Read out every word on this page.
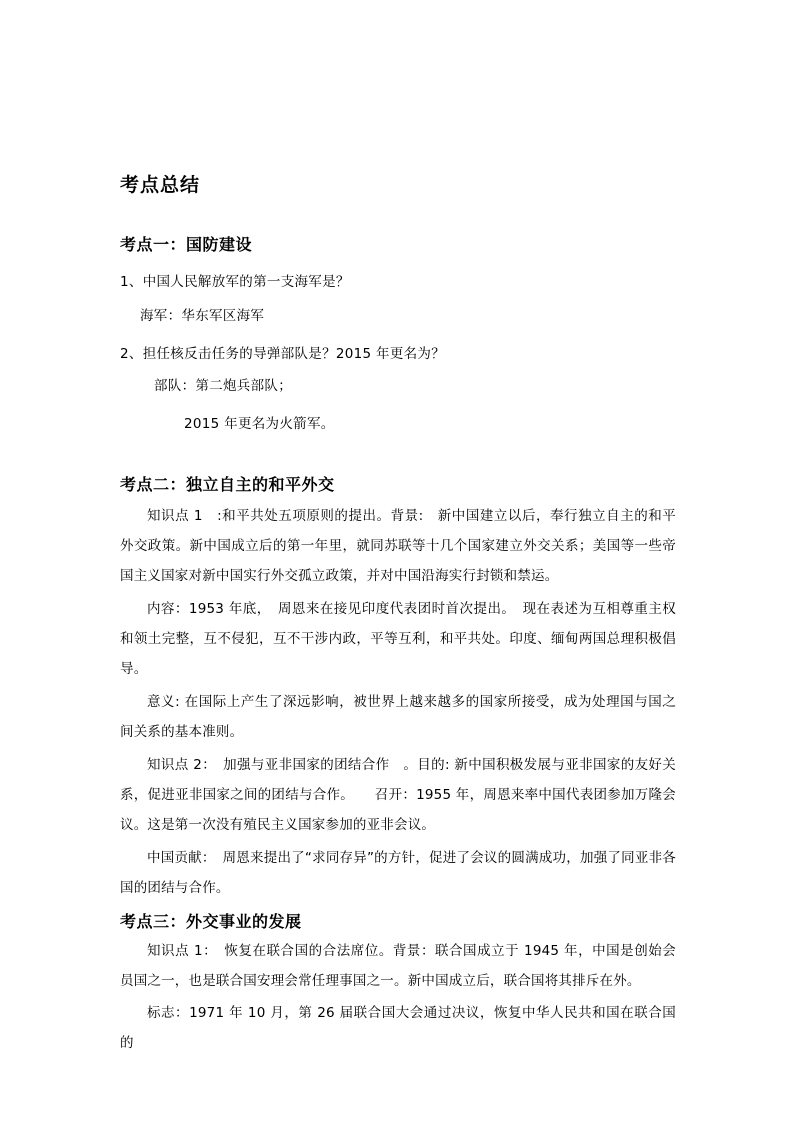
考点总结
考点一：国防建设
1、中国人民解放军的第一支海军是？
海军：华东军区海军
2、担任核反击任务的导弹部队是？2015 年更名为？
部队：第二炮兵部队；
2015 年更名为火箭军。
考点二：独立自主的和平外交
知识点 1　:和平共处五项原则的提出。背景:　新中国建立以后，奉行独立自主的和平外交政策。新中国成立后的第一年里，就同苏联等十几个国家建立外交关系；美国等一些帝国主义国家对新中国实行外交孤立政策，并对中国沿海实行封锁和禁运。
内容：1953 年底，　周恩来在接见印度代表团时首次提出。　现在表述为互相尊重主权和领土完整，互不侵犯，互不干涉内政，平等互利，和平共处。印度、缅甸两国总理积极倡导。
意义: 在国际上产生了深远影响，被世界上越来越多的国家所接受，成为处理国与国之间关系的基本准则。
知识点 2：　加强与亚非国家的团结合作　。目的: 新中国积极发展与亚非国家的友好关系，促进亚非国家之间的团结与合作。　　召开：1955 年，周恩来率中国代表团参加万隆会议。这是第一次没有殖民主义国家参加的亚非会议。
中国贡献：　周恩来提出了“求同存异”的方针，促进了会议的圆满成功，加强了同亚非各国的团结与合作。
考点三：外交事业的发展
知识点 1：　恢复在联合国的合法席位。背景：联合国成立于 1945 年，中国是创始会员国之一，也是联合国安理会常任理事国之一。新中国成立后，联合国将其排斥在外。
标志：1971 年 10 月，第 26 届联合国大会通过决议，恢复中华人民共和国在联合国的
